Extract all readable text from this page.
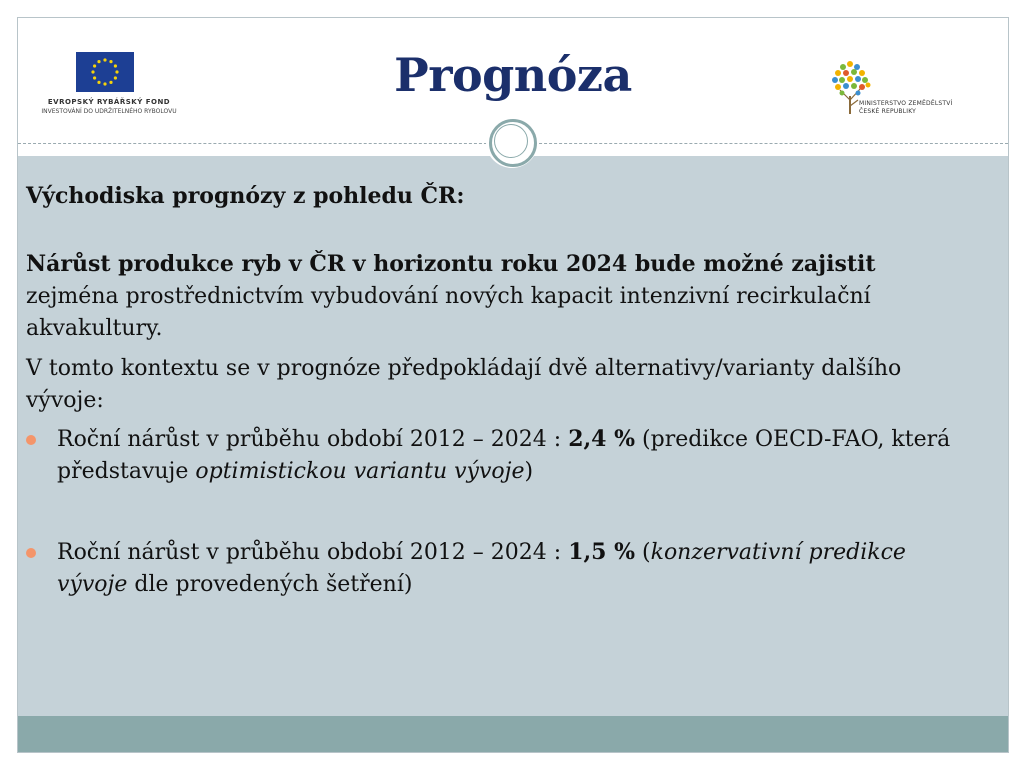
EVROPSKÝ RYBÁŘSKÝ FOND
INVESTOVÁNÍ DO UDRŽITELNÉHO RYBOLOVU
Prognóza
MINISTERSTVO ZEMĚDĚLSTVÍ
ČESKÉ REPUBLIKY

Východiska prognózy z pohledu ČR:

Nárůst produkce ryb v ČR v horizontu roku 2024 bude možné zajistit zejména prostřednictvím vybudování nových kapacit intenzivní recirkulační akvakultury.

V tomto kontextu se v prognóze předpokládají dvě alternativy/varianty dalšího vývoje:

Roční nárůst v průběhu období 2012 – 2024 : 2,4 % (predikce OECD-FAO, která představuje optimistickou variantu vývoje)
Roční nárůst v průběhu období 2012 – 2024 : 1,5 % (konzervativní predikce vývoje dle provedených šetření)
